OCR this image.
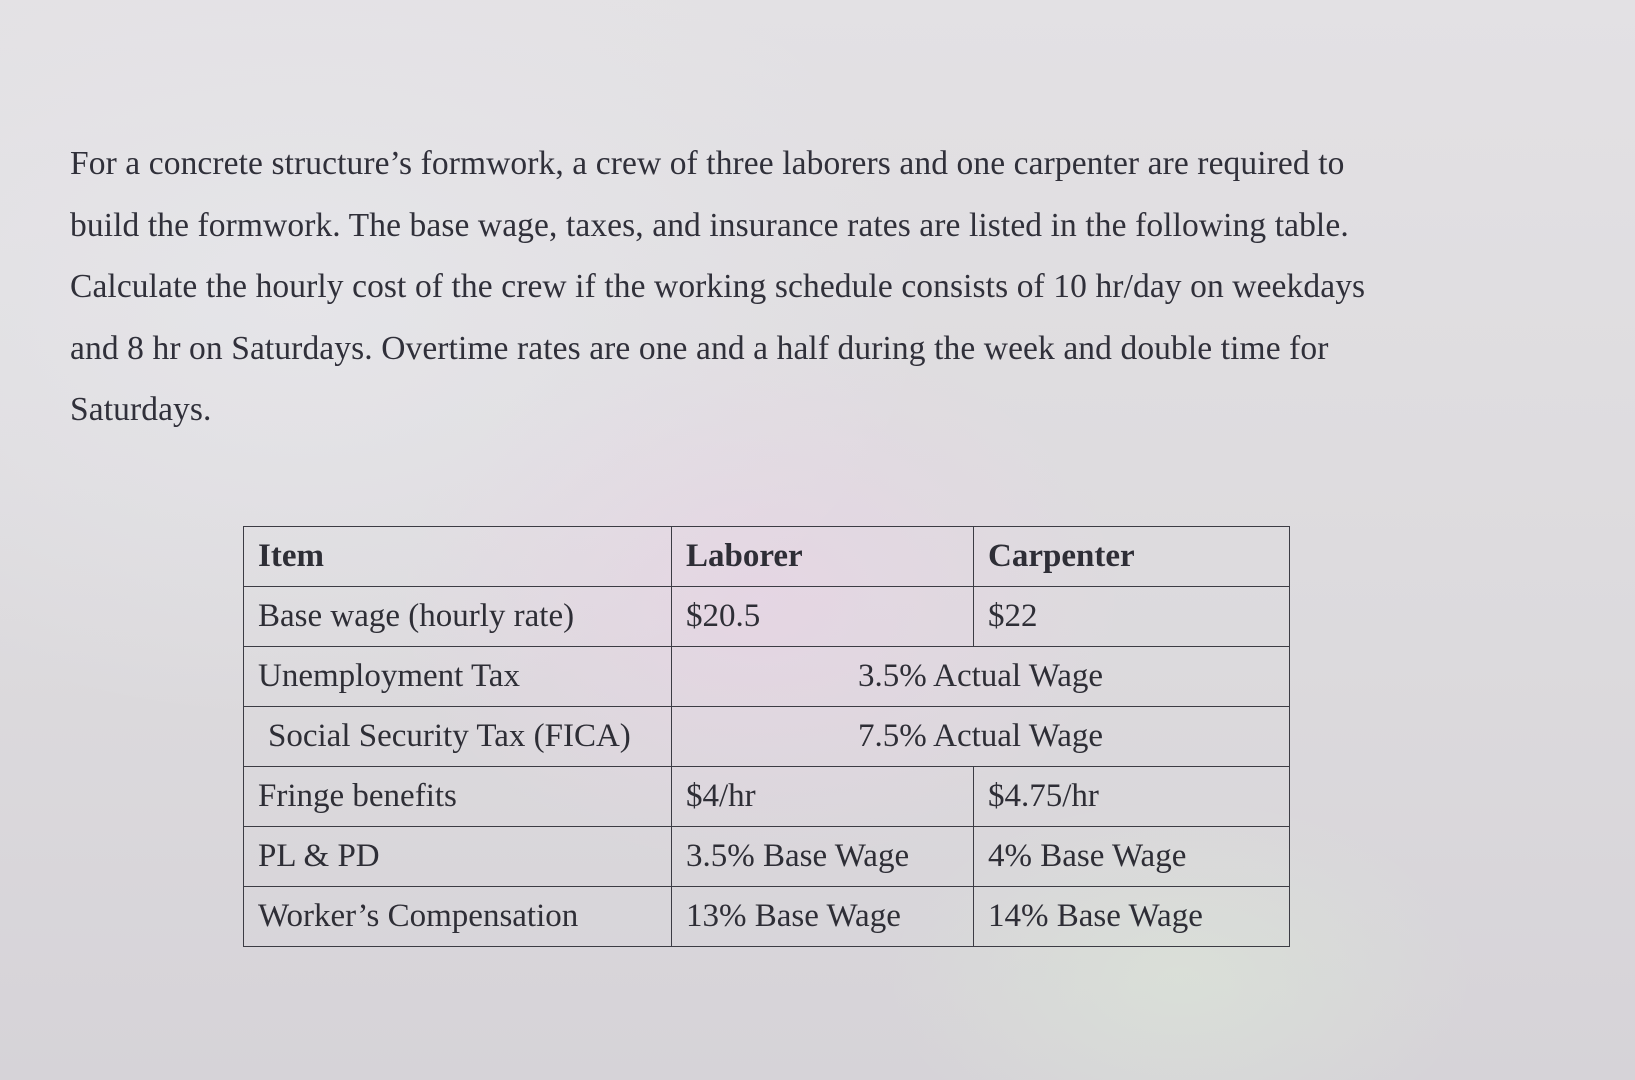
For a concrete structure’s formwork, a crew of three laborers and one carpenter are required to
build the formwork. The base wage, taxes, and insurance rates are listed in the following table.
Calculate the hourly cost of the crew if the working schedule consists of 10 hr/day on weekdays
and 8 hr on Saturdays. Overtime rates are one and a half during the week and double time for
Saturdays.

Item	Laborer	Carpenter
Base wage (hourly rate)	$20.5	$22
Unemployment Tax	3.5% Actual Wage	
Social Security Tax (FICA)	7.5% Actual Wage	
Fringe benefits	$4/hr	$4.75/hr
PL & PD	3.5% Base Wage	4% Base Wage
Worker’s Compensation	13% Base Wage	14% Base Wage
